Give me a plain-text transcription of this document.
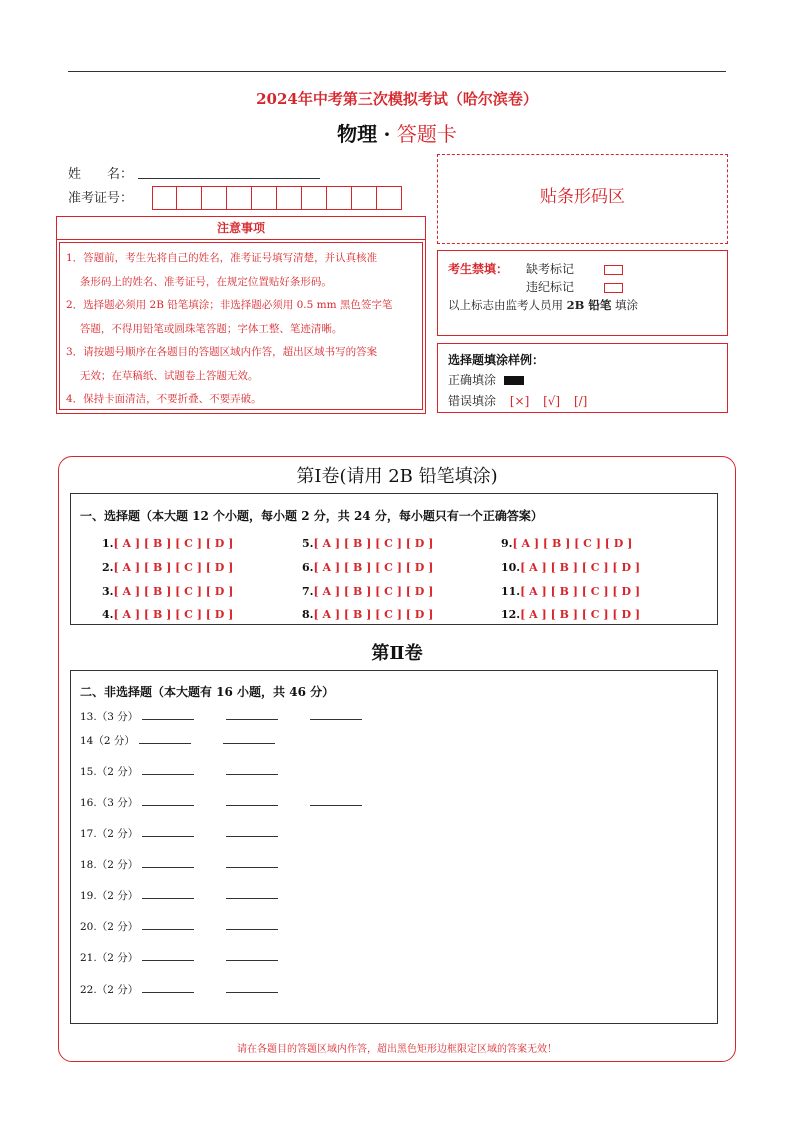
2024年中考第三次模拟考试（哈尔滨卷）
物理 · 答题卡
姓　　名：
准考证号：
注意事项

1．答题前，考生先将自己的姓名，准考证号填写清楚，并认真核准

　 条形码上的姓名、准考证号，在规定位置贴好条形码。

2．选择题必须用 2B 铅笔填涂；非选择题必须用 0.5 mm 黑色签字笔

　 答题，不得用铅笔或圆珠笔答题；字体工整、笔迹清晰。

3．请按题号顺序在各题目的答题区域内作答，超出区域书写的答案

　 无效；在草稿纸、试题卷上答题无效。

4．保持卡面清洁，不要折叠、不要弄破。

贴条形码区
考生禁填： 缺考标记
违纪标记
以上标志由监考人员用 2B 铅笔 填涂
选择题填涂样例：
正确填涂
错误填涂 [×] [√] [/]
第Ⅰ卷(请用 2B 铅笔填涂)
一、选择题（本大题 12 个小题，每小题 2 分，共 24 分，每小题只有一个正确答案）
1.[ A ] [ B ] [ C ] [ D ]
2.[ A ] [ B ] [ C ] [ D ]
3.[ A ] [ B ] [ C ] [ D ]
4.[ A ] [ B ] [ C ] [ D ]
5.[ A ] [ B ] [ C ] [ D ]
6.[ A ] [ B ] [ C ] [ D ]
7.[ A ] [ B ] [ C ] [ D ]
8.[ A ] [ B ] [ C ] [ D ]
9.[ A ] [ B ] [ C ] [ D ]
10.[ A ] [ B ] [ C ] [ D ]
11.[ A ] [ B ] [ C ] [ D ]
12.[ A ] [ B ] [ C ] [ D ]
第Ⅱ卷
二、非选择题（本大题有 16 小题，共 46 分）
13.（3 分）
14（2 分）
15.（2 分）
16.（3 分）
17.（2 分）
18.（2 分）
19.（2 分）
20.（2 分）
21.（2 分）
22.（2 分）
请在各题目的答题区域内作答，超出黑色矩形边框限定区域的答案无效！
